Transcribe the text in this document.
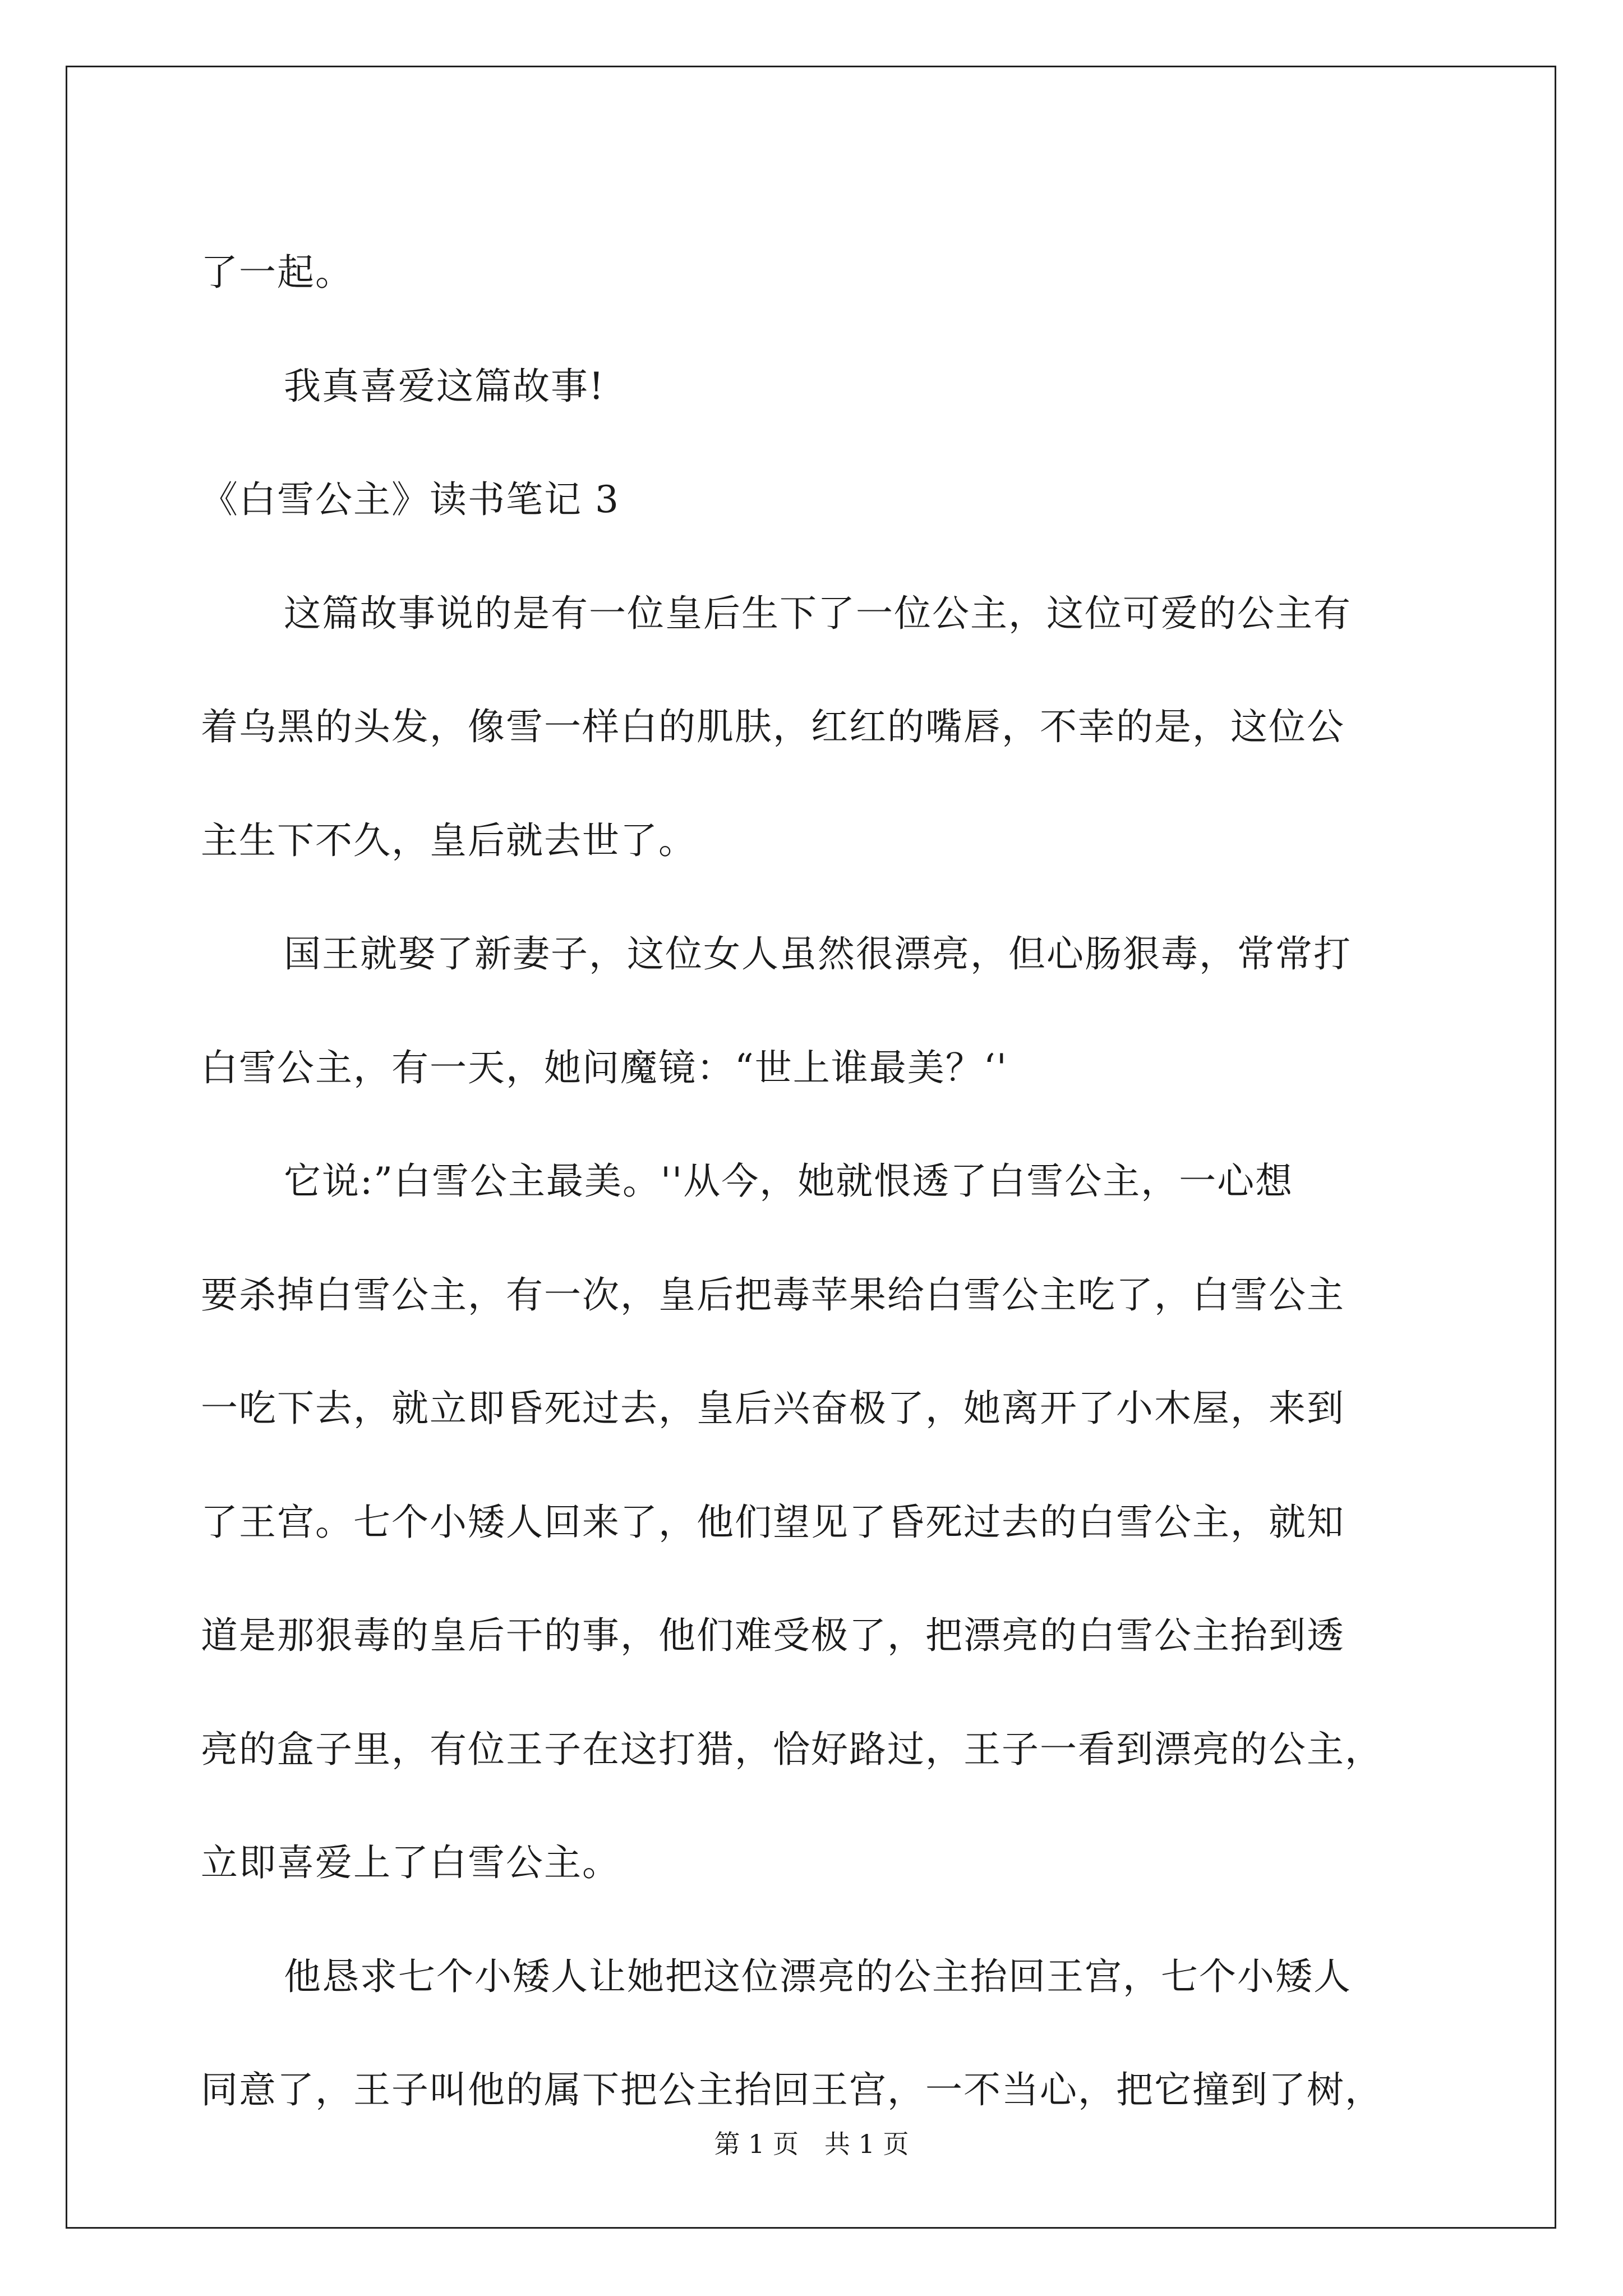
了一起。
我真喜爱这篇故事!
《白雪公主》读书笔记 3
这篇故事说的是有一位皇后生下了一位公主，这位可爱的公主有
着乌黑的头发，像雪一样白的肌肤，红红的嘴唇，不幸的是，这位公
主生下不久，皇后就去世了。
国王就娶了新妻子，这位女人虽然很漂亮，但心肠狠毒，常常打
白雪公主，有一天，她问魔镜：“世上谁最美？‘'
它说:”白雪公主最美。''从今，她就恨透了白雪公主，一心想
要杀掉白雪公主，有一次，皇后把毒苹果给白雪公主吃了，白雪公主
一吃下去，就立即昏死过去，皇后兴奋极了，她离开了小木屋，来到
了王宫。七个小矮人回来了，他们望见了昏死过去的白雪公主，就知
道是那狠毒的皇后干的事，他们难受极了，把漂亮的白雪公主抬到透
亮的盒子里，有位王子在这打猎，恰好路过，王子一看到漂亮的公主，
立即喜爱上了白雪公主。
他恳求七个小矮人让她把这位漂亮的公主抬回王宫，七个小矮人
同意了，王子叫他的属下把公主抬回王宫，一不当心，把它撞到了树，
第 1 页 共 1 页
